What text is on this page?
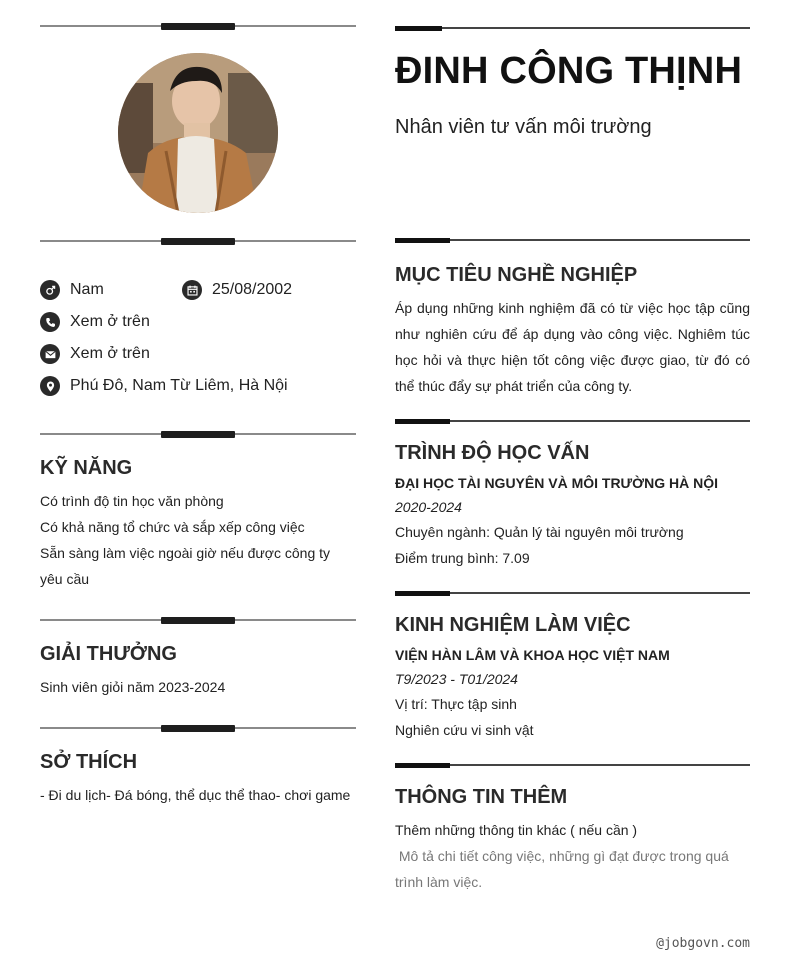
Nam	25/08/2002
Xem ở trên
Xem ở trên
Phú Đô, Nam Từ Liêm, Hà Nội
KỸ NĂNG
Có trình độ tin học văn phòng
Có khả năng tổ chức và sắp xếp công việc
Sẵn sàng làm việc ngoài giờ nếu được công ty yêu cầu
GIẢI THƯỞNG
Sinh viên giỏi năm 2023-2024
SỞ THÍCH
- Đi du lịch- Đá bóng, thể dục thể thao- chơi game
ĐINH CÔNG THỊNH
Nhân viên tư vấn môi trường
MỤC TIÊU NGHỀ NGHIỆP
Áp dụng những kinh nghiệm đã có từ việc học tập cũng như nghiên cứu để áp dụng vào công việc. Nghiêm túc học hỏi và thực hiện tốt công việc được giao, từ đó có thể thúc đẩy sự phát triển của công ty.
TRÌNH ĐỘ HỌC VẤN
ĐẠI HỌC TÀI NGUYÊN VÀ MÔI TRƯỜNG HÀ NỘI
2020-2024
Chuyên ngành: Quản lý tài nguyên môi trường
Điểm trung bình: 7.09
KINH NGHIỆM LÀM VIỆC
VIỆN HÀN LÂM VÀ KHOA HỌC VIỆT NAM
T9/2023 - T01/2024
Vị trí: Thực tập sinh
Nghiên cứu vi sinh vật
THÔNG TIN THÊM
Thêm những thông tin khác ( nếu cần )
Mô tả chi tiết công việc, những gì đạt được trong quá trình làm việc.
@jobgovn.com
